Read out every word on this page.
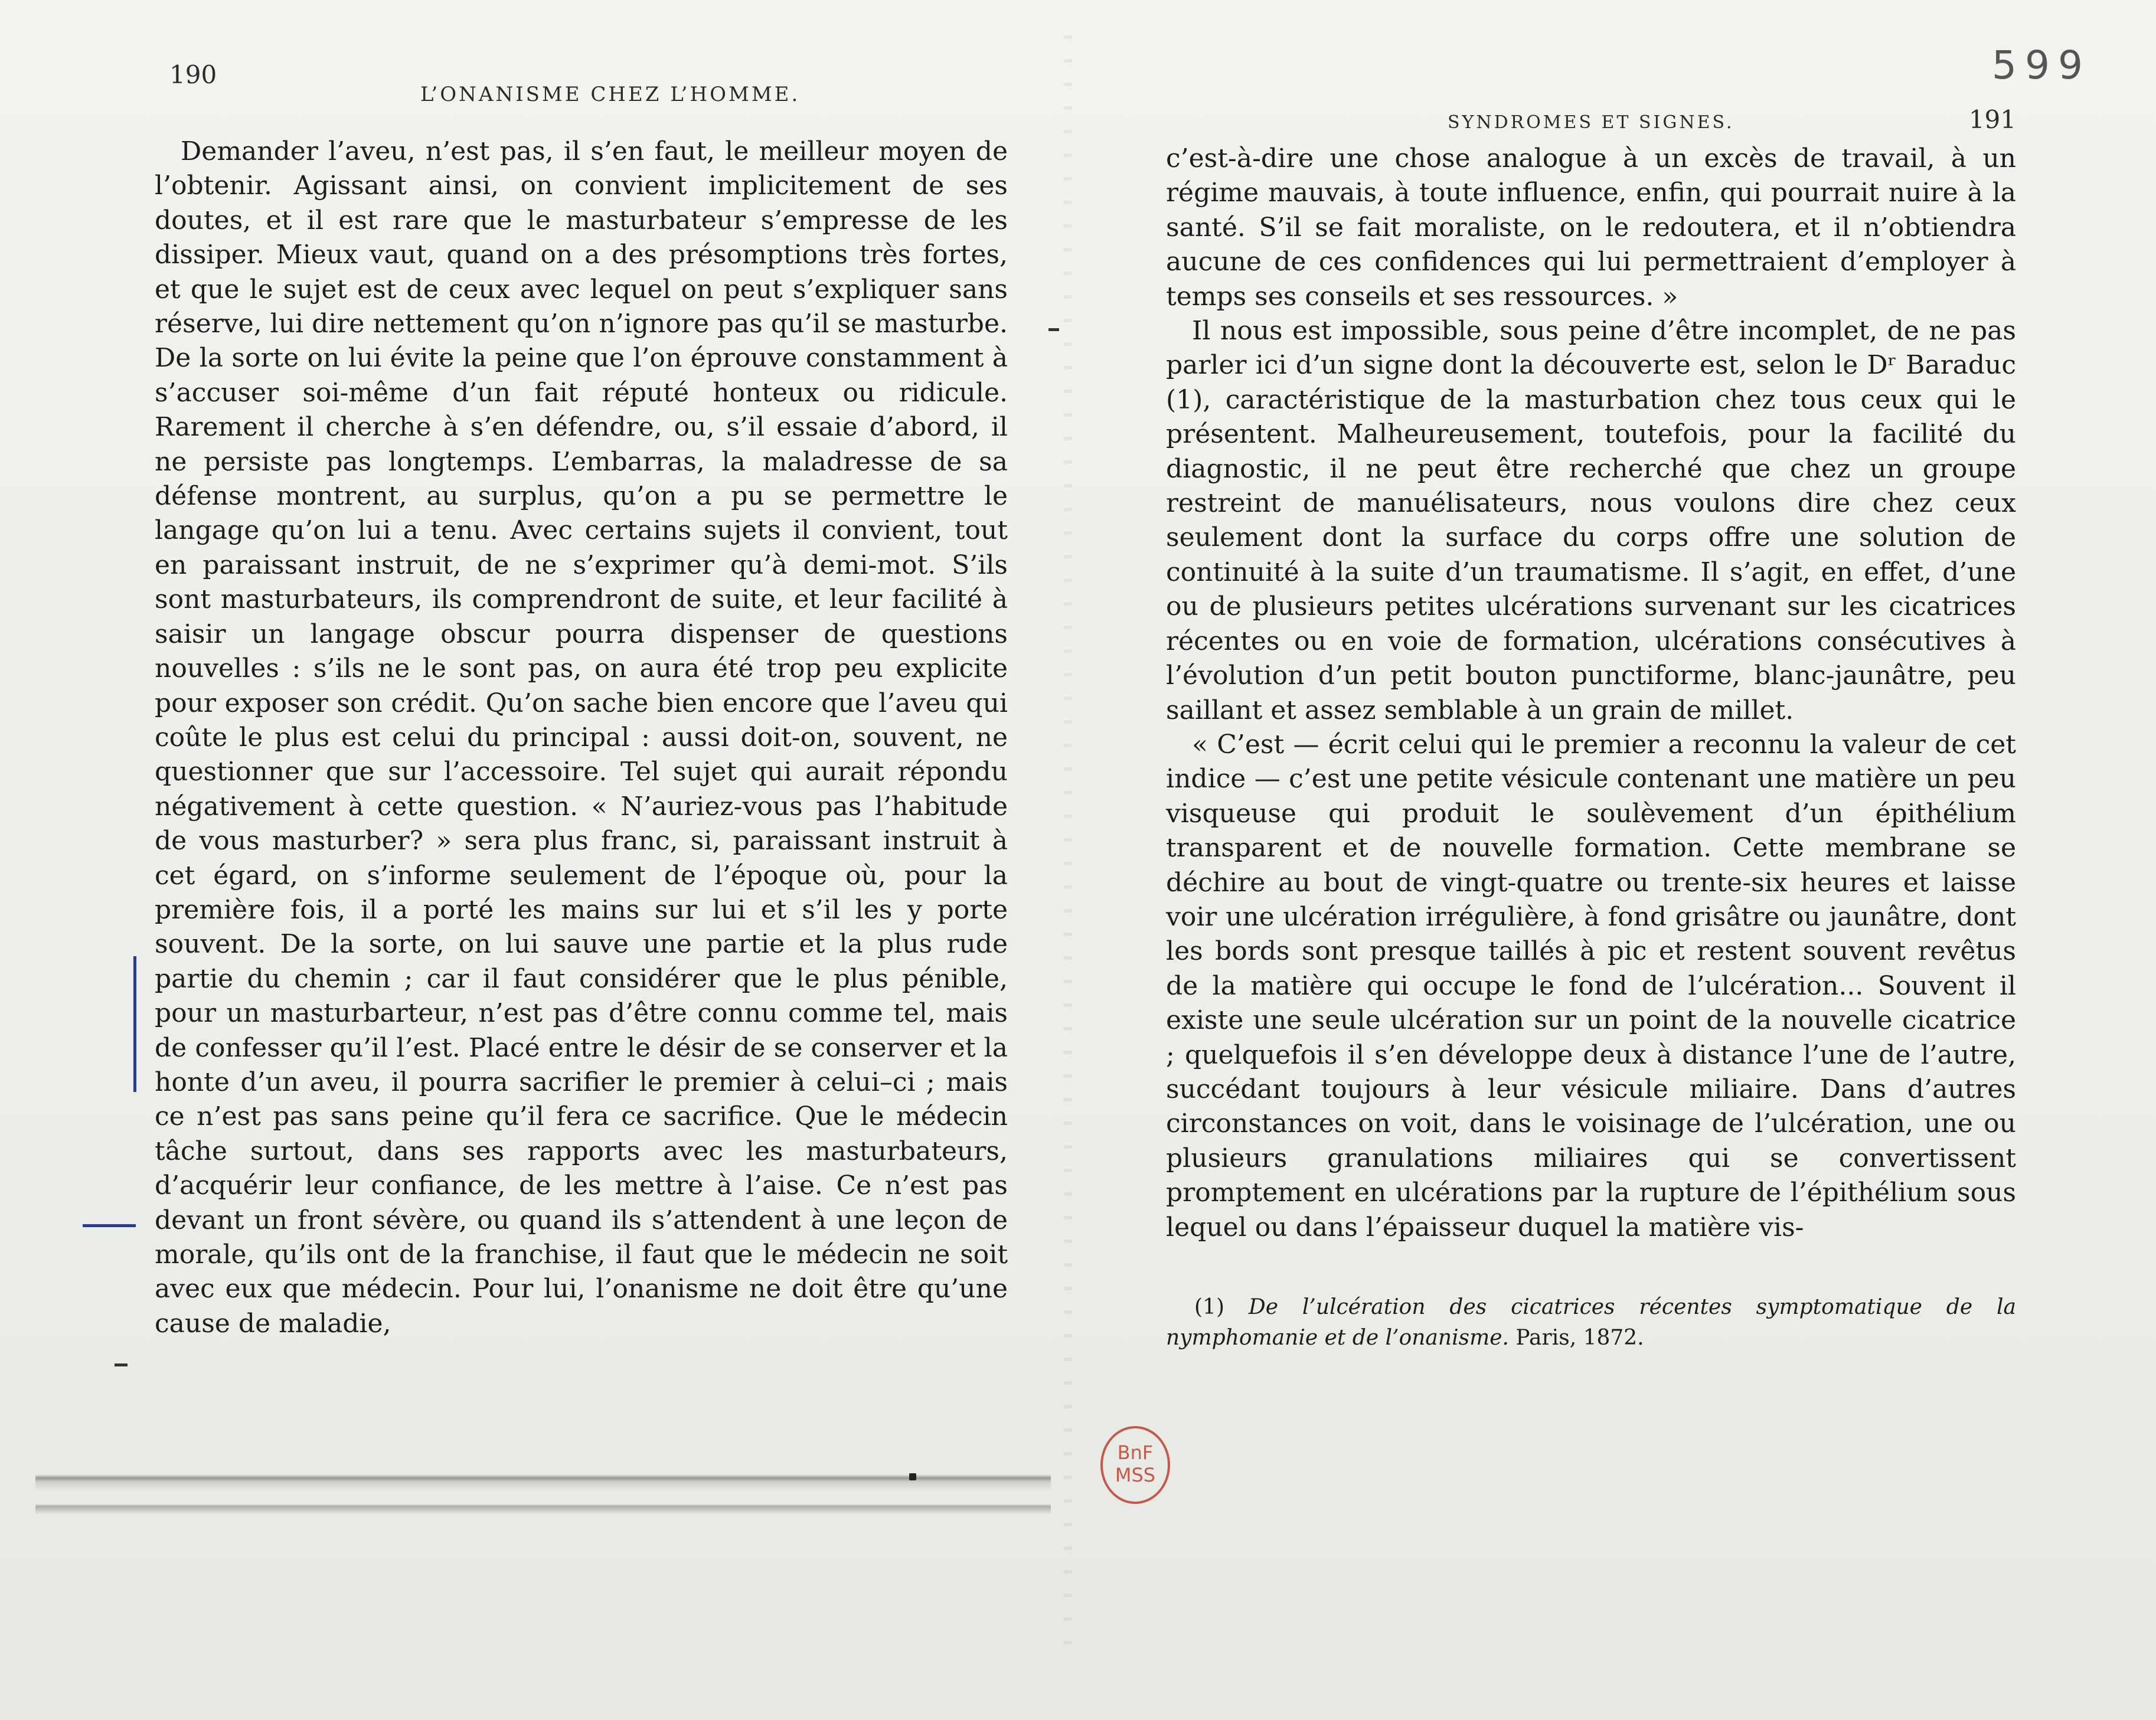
599
190
L’ONANISME CHEZ L’HOMME.

Demander l’aveu, n’est pas, il s’en faut, le meilleur moyen de l’obtenir. Agissant ainsi, on convient implicitement de ses doutes, et il est rare que le masturbateur s’empresse de les dissiper. Mieux vaut, quand on a des présomptions très fortes, et que le sujet est de ceux avec lequel on peut s’expliquer sans réserve, lui dire nettement qu’on n’ignore pas qu’il se masturbe. De la sorte on lui évite la peine que l’on éprouve constamment à s’accuser soi-même d’un fait réputé honteux ou ridicule. Rarement il cherche à s’en défendre, ou, s’il essaie d’abord, il ne persiste pas longtemps. L’embarras, la maladresse de sa défense montrent, au surplus, qu’on a pu se permettre le langage qu’on lui a tenu. Avec certains sujets il convient, tout en paraissant instruit, de ne s’exprimer qu’à demi-mot. S’ils sont masturbateurs, ils comprendront de suite, et leur facilité à saisir un langage obscur pourra dispenser de questions nouvelles : s’ils ne le sont pas, on aura été trop peu explicite pour exposer son crédit. Qu’on sache bien encore que l’aveu qui coûte le plus est celui du principal : aussi doit-on, souvent, ne questionner que sur l’accessoire. Tel sujet qui aurait répondu négativement à cette question. « N’auriez-vous pas l’habitude de vous masturber? » sera plus franc, si, paraissant instruit à cet égard, on s’informe seulement de l’époque où, pour la première fois, il a porté les mains sur lui et s’il les y porte souvent. De la sorte, on lui sauve une partie et la plus rude partie du chemin ; car il faut considérer que le plus pénible, pour un masturbarteur, n’est pas d’être connu comme tel, mais de confesser qu’il l’est. Placé entre le désir de se conserver et la honte d’un aveu, il pourra sacrifier le premier à celui–ci ; mais ce n’est pas sans peine qu’il fera ce sacrifice. Que le médecin tâche surtout, dans ses rapports avec les masturbateurs, d’acquérir leur confiance, de les mettre à l’aise. Ce n’est pas devant un front sévère, ou quand ils s’attendent à une leçon de morale, qu’ils ont de la franchise, il faut que le médecin ne soit avec eux que médecin. Pour lui, l’onanisme ne doit être qu’une cause de maladie,

SYNDROMES ET SIGNES.	191

c’est-à-dire une chose analogue à un excès de travail, à un régime mauvais, à toute influence, enfin, qui pourrait nuire à la santé. S’il se fait moraliste, on le redoutera, et il n’obtiendra aucune de ces confidences qui lui permettraient d’employer à temps ses conseils et ses ressources. »

Il nous est impossible, sous peine d’être incomplet, de ne pas parler ici d’un signe dont la découverte est, selon le Dʳ Baraduc (1), caractéristique de la masturbation chez tous ceux qui le présentent. Malheureusement, toutefois, pour la facilité du diagnostic, il ne peut être recherché que chez un groupe restreint de manuélisateurs, nous voulons dire chez ceux seulement dont la surface du corps offre une solution de continuité à la suite d’un traumatisme. Il s’agit, en effet, d’une ou de plusieurs petites ulcérations survenant sur les cicatrices récentes ou en voie de formation, ulcérations consécutives à l’évolution d’un petit bouton punctiforme, blanc-jaunâtre, peu saillant et assez semblable à un grain de millet.

« C’est — écrit celui qui le premier a reconnu la valeur de cet indice — c’est une petite vésicule contenant une matière un peu visqueuse qui produit le soulèvement d’un épithélium transparent et de nouvelle formation. Cette membrane se déchire au bout de vingt-quatre ou trente-six heures et laisse voir une ulcération irrégulière, à fond grisâtre ou jaunâtre, dont les bords sont presque taillés à pic et restent souvent revêtus de la matière qui occupe le fond de l’ulcération... Souvent il existe une seule ulcération sur un point de la nouvelle cicatrice ; quelquefois il s’en développe deux à distance l’une de l’autre, succédant toujours à leur vésicule miliaire. Dans d’autres circonstances on voit, dans le voisinage de l’ulcération, une ou plusieurs granulations miliaires qui se convertissent promptement en ulcérations par la rupture de l’épithélium sous lequel ou dans l’épaisseur duquel la matière vis-

(1) De l’ulcération des cicatrices récentes symptomatique de la nymphomanie et de l’onanisme. Paris, 1872.
BnF
MSS
